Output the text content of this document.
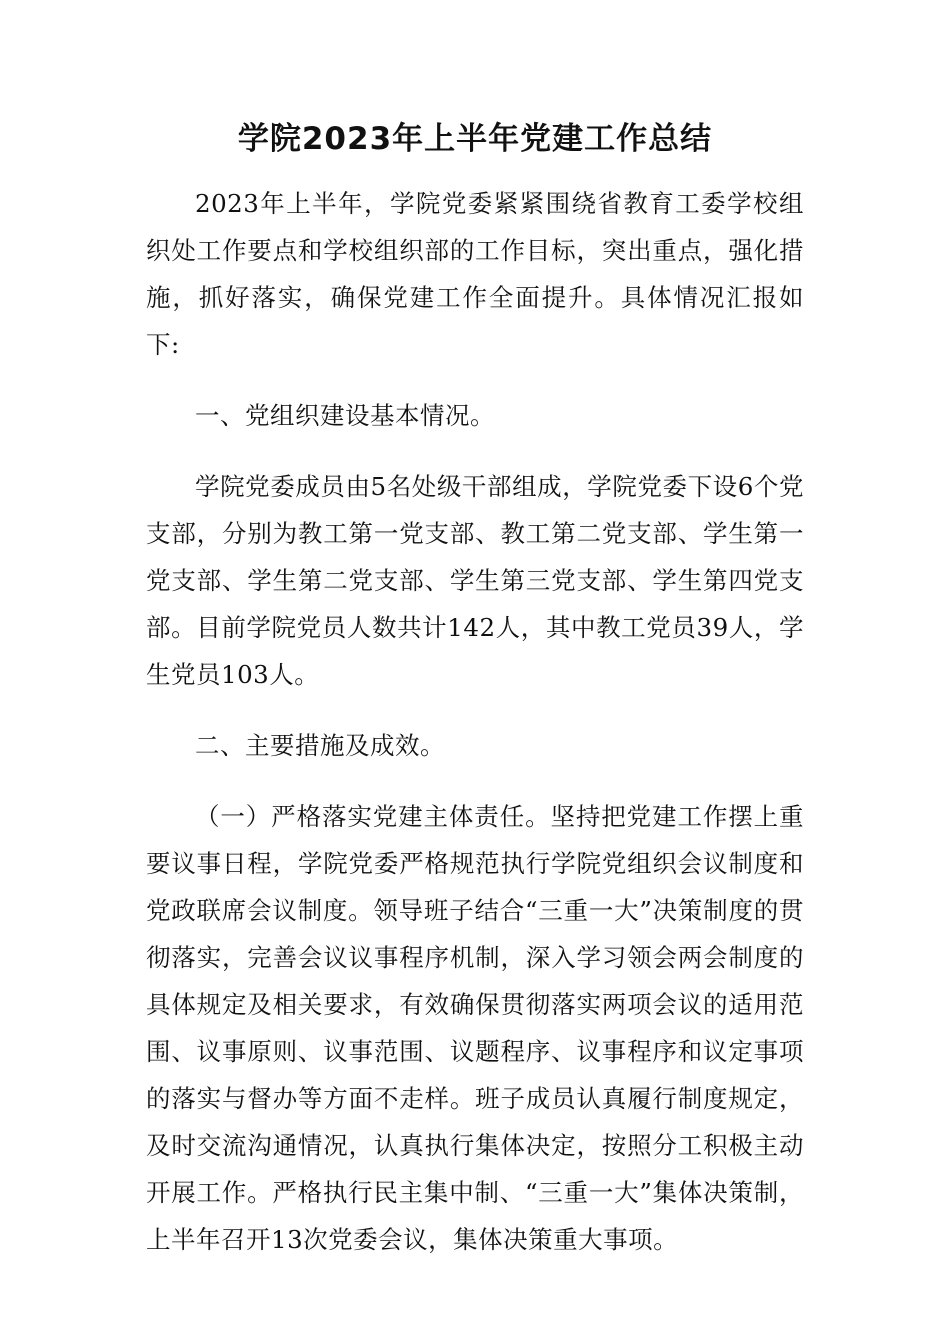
学院2023年上半年党建工作总结

2023年上半年，学院党委紧紧围绕省教育工委学校组织处工作要点和学校组织部的工作目标，突出重点，强化措施，抓好落实，确保党建工作全面提升。具体情况汇报如下:

一、党组织建设基本情况。

学院党委成员由5名处级干部组成，学院党委下设6个党支部，分别为教工第一党支部、教工第二党支部、学生第一党支部、学生第二党支部、学生第三党支部、学生第四党支部。目前学院党员人数共计142人，其中教工党员39人，学生党员103人。

二、主要措施及成效。

（一）严格落实党建主体责任。坚持把党建工作摆上重要议事日程，学院党委严格规范执行学院党组织会议制度和党政联席会议制度。领导班子结合“三重一大”决策制度的贯彻落实，完善会议议事程序机制，深入学习领会两会制度的具体规定及相关要求，有效确保贯彻落实两项会议的适用范围、议事原则、议事范围、议题程序、议事程序和议定事项的落实与督办等方面不走样。班子成员认真履行制度规定，及时交流沟通情况，认真执行集体决定，按照分工积极主动开展工作。严格执行民主集中制、“三重一大”集体决策制，上半年召开13次党委会议，集体决策重大事项。
